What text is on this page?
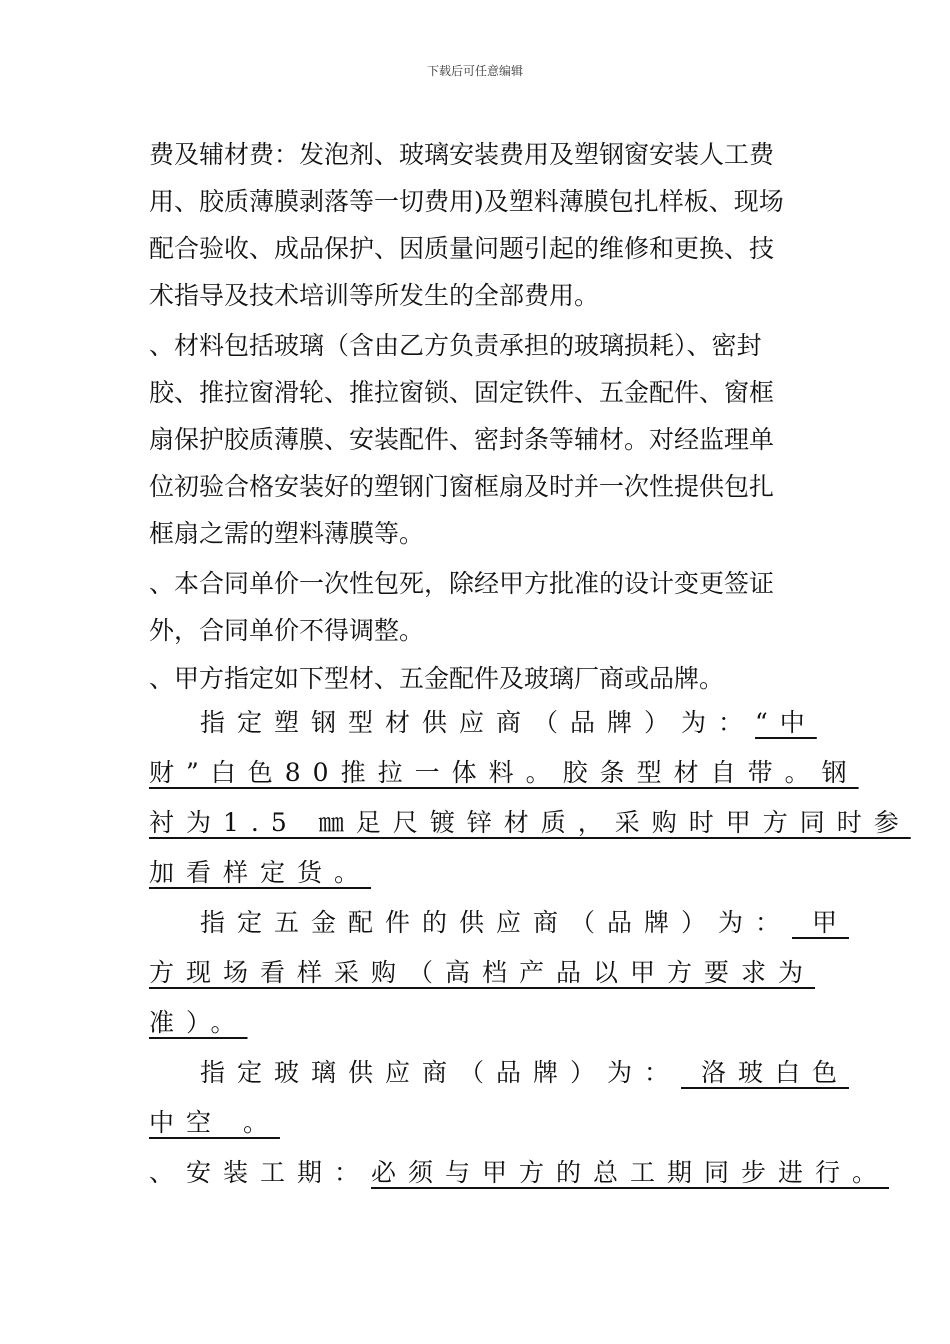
下载后可任意编辑
费及辅材费：发泡剂、玻璃安装费用及塑钢窗安装人工费
用、胶质薄膜剥落等一切费用)及塑料薄膜包扎样板、现场
配合验收、成品保护、因质量问题引起的维修和更换、技
术指导及技术培训等所发生的全部费用。
、材料包括玻璃（含由乙方负责承担的玻璃损耗）、密封
胶、推拉窗滑轮、推拉窗锁、固定铁件、五金配件、窗框
扇保护胶质薄膜、安装配件、密封条等辅材。对经监理单
位初验合格安装好的塑钢门窗框扇及时并一次性提供包扎
框扇之需的塑料薄膜等。
、本合同单价一次性包死，除经甲方批准的设计变更签证
外，合同单价不得调整。
、甲方指定如下型材、五金配件及玻璃厂商或品牌。
指定塑钢型材供应商（品牌）为：“中
财”白色80推拉一体料。胶条型材自带。钢
衬为1.5 ㎜足尺镀锌材质，采购时甲方同时参
加看样定货。
指定五金配件的供应商（品牌）为： 甲
方现场看样采购（高档产品以甲方要求为
准）。
指定玻璃供应商（品牌）为： 洛玻白色
中空 。
、安装工期：必须与甲方的总工期同步进行。
